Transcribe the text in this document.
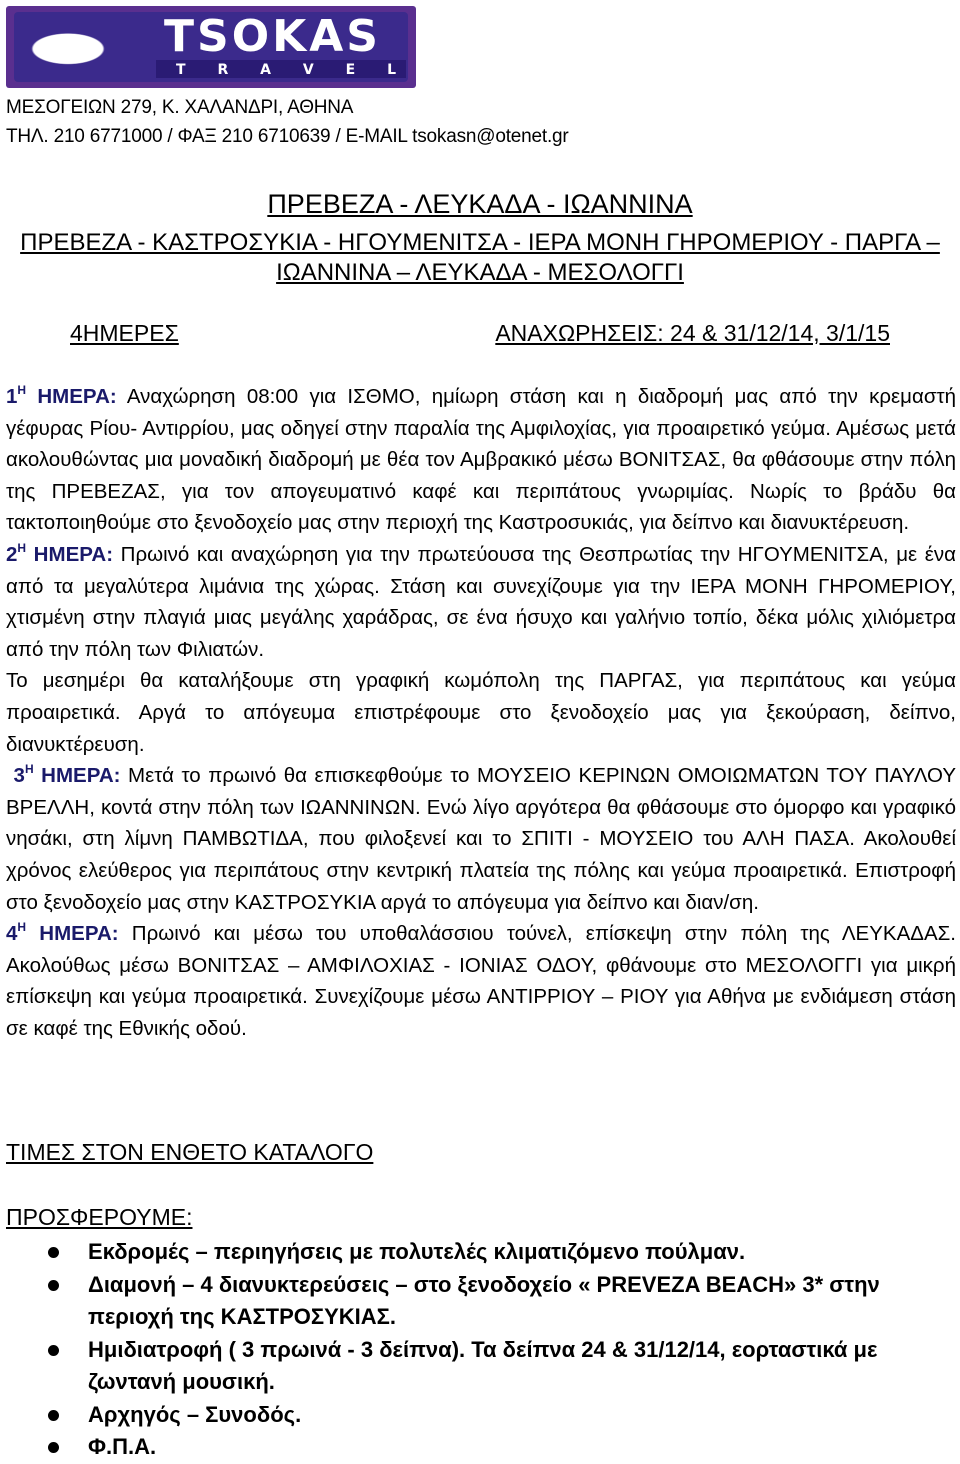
TSOKAS
T R A V E L
ΜΕΣΟΓΕΙΩΝ 279, Κ. ΧΑΛΑΝΔΡΙ, ΑΘΗΝΑ
ΤΗΛ. 210 6771000 / ΦΑΞ 210 6710639 / E-MAIL tsokasn@otenet.gr
ΠΡΕΒΕΖΑ - ΛΕΥΚΑΔΑ - ΙΩΑΝΝΙΝΑ
ΠΡΕΒΕΖΑ - ΚΑΣΤΡΟΣΥΚΙΑ - ΗΓΟΥΜΕΝΙΤΣΑ - ΙΕΡΑ ΜΟΝΗ ΓΗΡΟΜΕΡΙΟΥ - ΠΑΡΓΑ –
ΙΩΑΝΝΙΝΑ – ΛΕΥΚΑΔΑ - ΜΕΣΟΛΟΓΓΙ
4ΗΜΕΡΕΣ	ΑΝΑΧΩΡΗΣΕΙΣ: 24 & 31/12/14, 3/1/15

$1^H$ ΗΜΕΡΑ: Αναχώρηση 08:00 για ΙΣΘΜΟ, ημίωρη στάση και η διαδρομή μας από την κρεμαστή γέφυρας Ρίου- Αντιρρίου, μας οδηγεί στην παραλία της Αμφιλοχίας, για προαιρετικό γεύμα. Αμέσως μετά ακολουθώντας μια μοναδική διαδρομή με θέα τον Αμβρακικό μέσω ΒΟΝΙΤΣΑΣ, θα φθάσουμε στην πόλη της ΠΡΕΒΕΖΑΣ, για τον απογευματινό καφέ και περιπάτους γνωριμίας. Νωρίς το βράδυ θα τακτοποιηθούμε στο ξενοδοχείο μας στην περιοχή της Καστροσυκιάς, για δείπνο και διανυκτέρευση.

$2^H$ ΗΜΕΡΑ: Πρωινό και αναχώρηση για την πρωτεύουσα της Θεσπρωτίας την ΗΓΟΥΜΕΝΙΤΣΑ, με ένα από τα μεγαλύτερα λιμάνια της χώρας. Στάση και συνεχίζουμε για την ΙΕΡΑ ΜΟΝΗ ΓΗΡΟΜΕΡΙΟΥ, χτισμένη στην πλαγιά μιας μεγάλης χαράδρας, σε ένα ήσυχο και γαλήνιο τοπίο, δέκα μόλις χιλιόμετρα από την πόλη των Φιλιατών.

Το μεσημέρι θα καταλήξουμε στη γραφική κωμόπολη της ΠΑΡΓΑΣ, για περιπάτους και γεύμα προαιρετικά. Αργά το απόγευμα επιστρέφουμε στο ξενοδοχείο μας για ξεκούραση, δείπνο, διανυκτέρευση.

$3^H$ ΗΜΕΡΑ: Μετά το πρωινό θα επισκεφθούμε το ΜΟΥΣΕΙΟ ΚΕΡΙΝΩΝ ΟΜΟΙΩΜΑΤΩΝ ΤΟΥ ΠΑΥΛΟΥ ΒΡΕΛΛΗ, κοντά στην πόλη των ΙΩΑΝΝΙΝΩΝ. Ενώ λίγο αργότερα θα φθάσουμε στο όμορφο και γραφικό νησάκι, στη λίμνη ΠΑΜΒΩΤΙΔΑ, που φιλοξενεί και το ΣΠΙΤΙ - ΜΟΥΣΕΙΟ του ΑΛΗ ΠΑΣΑ. Ακολουθεί χρόνος ελεύθερος για περιπάτους στην κεντρική πλατεία της πόλης και γεύμα προαιρετικά. Επιστροφή στο ξενοδοχείο μας στην ΚΑΣΤΡΟΣΥΚΙΑ αργά το απόγευμα για δείπνο και διαν/ση.

$4^H$ ΗΜΕΡΑ: Πρωινό και μέσω του υποθαλάσσιου τούνελ, επίσκεψη στην πόλη της ΛΕΥΚΑΔΑΣ. Ακολούθως μέσω ΒΟΝΙΤΣΑΣ – ΑΜΦΙΛΟΧΙΑΣ - ΙΟΝΙΑΣ ΟΔΟΥ, φθάνουμε στο ΜΕΣΟΛΟΓΓΙ για μικρή επίσκεψη και γεύμα προαιρετικά. Συνεχίζουμε μέσω ΑΝΤΙΡΡΙΟΥ – ΡΙΟΥ για Αθήνα με ενδιάμεση στάση σε καφέ της Εθνικής οδού.

ΤΙΜΕΣ ΣΤΟΝ ΕΝΘΕΤΟ ΚΑΤΑΛΟΓΟ
ΠΡΟΣΦΕΡΟΥΜΕ:
Εκδρομές – περιηγήσεις με πολυτελές κλιματιζόμενο πούλμαν.
Διαμονή – 4 διανυκτερεύσεις – στο ξενοδοχείο « PREVEZA BEACH» 3* στην περιοχή της ΚΑΣΤΡΟΣΥΚΙΑΣ.
Ημιδιατροφή ( 3 πρωινά - 3 δείπνα). Τα δείπνα 24 & 31/12/14, εορταστικά με ζωντανή μουσική.
Αρχηγός – Συνοδός.
Φ.Π.Α.
